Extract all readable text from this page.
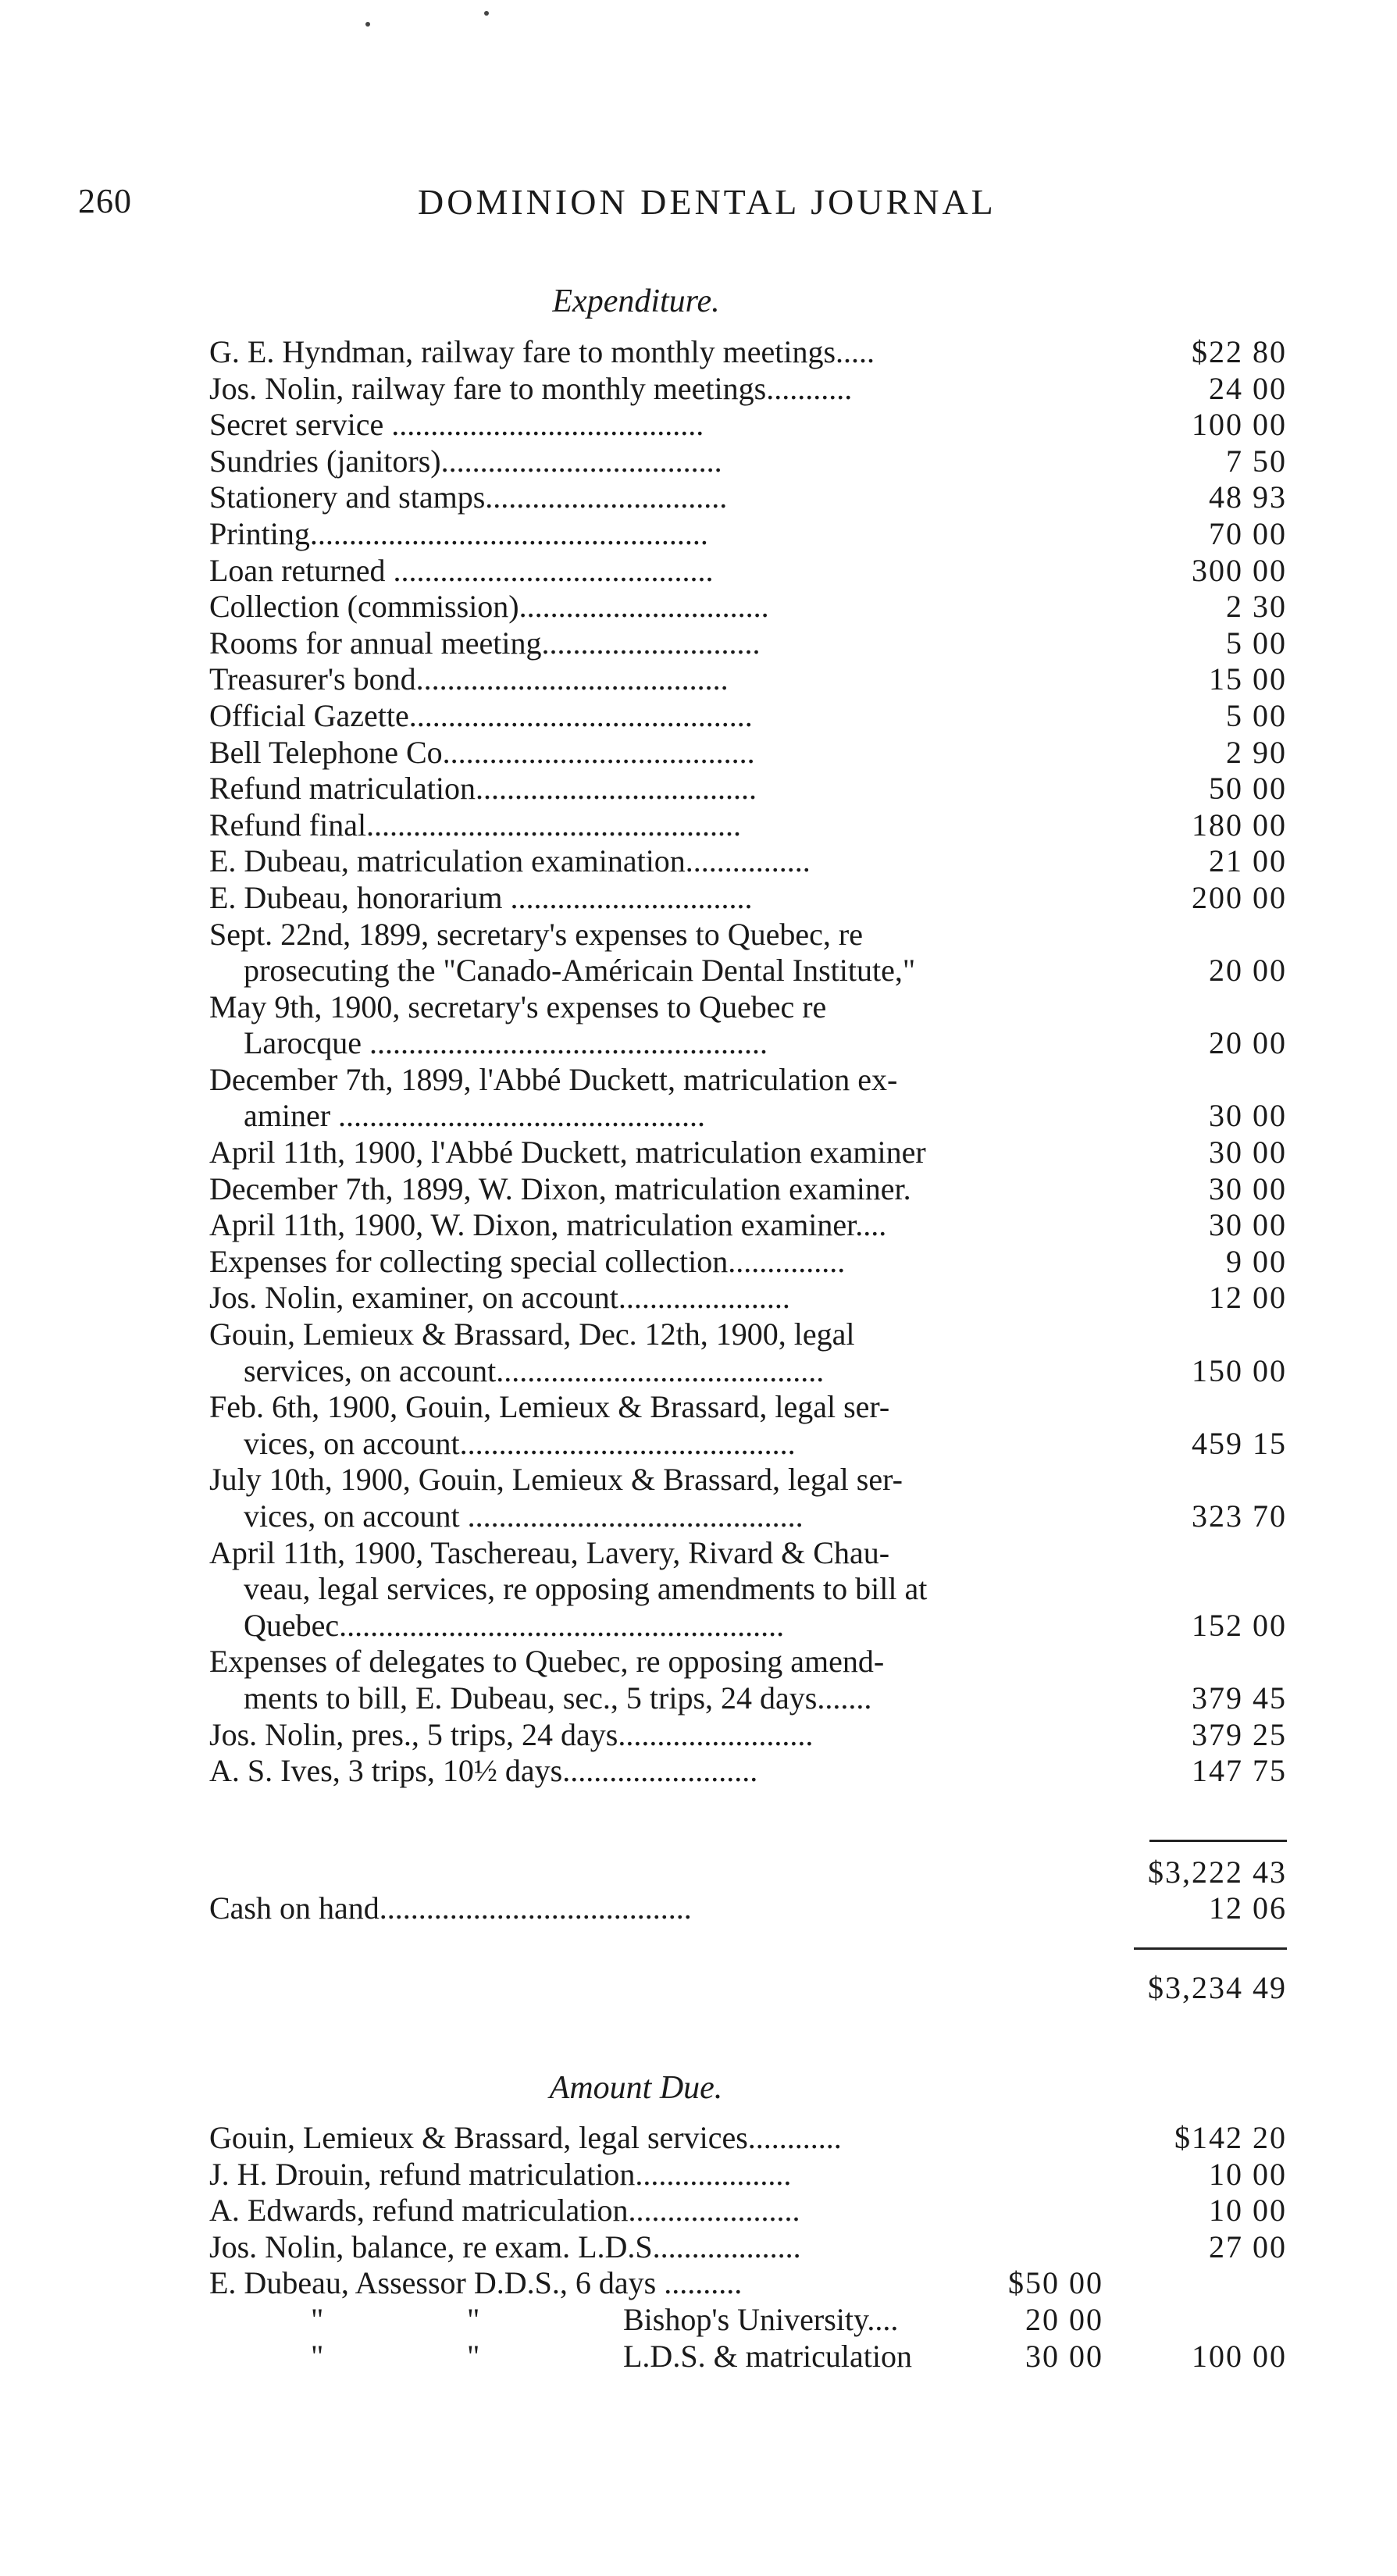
260	DOMINION DENTAL JOURNAL
Expenditure.
G. E. Hyndman, railway fare to monthly meetings.....	$22 80
Jos. Nolin, railway fare to monthly meetings...........	24 00
Secret service ........................................	100 00
Sundries (janitors)....................................	7 50
Stationery and stamps...............................	48 93
Printing...................................................	70 00
Loan returned .........................................	300 00
Collection (commission)................................	2 30
Rooms for annual meeting............................	5 00
Treasurer's bond........................................	15 00
Official Gazette............................................	5 00
Bell Telephone Co........................................	2 90
Refund matriculation....................................	50 00
Refund final................................................	180 00
E. Dubeau, matriculation examination................	21 00
E. Dubeau, honorarium ...............................	200 00
Sept. 22nd, 1899, secretary's expenses to Quebec, re
prosecuting the "Canado-Américain Dental Institute,"	20 00
May 9th, 1900, secretary's expenses to Quebec re
Larocque ...................................................	20 00
December 7th, 1899, l'Abbé Duckett, matriculation ex-
aminer ...............................................	30 00
April 11th, 1900, l'Abbé Duckett, matriculation examiner	30 00
December 7th, 1899, W. Dixon, matriculation examiner.	30 00
April 11th, 1900, W. Dixon, matriculation examiner....	30 00
Expenses for collecting special collection...............	9 00
Jos. Nolin, examiner, on account......................	12 00
Gouin, Lemieux & Brassard, Dec. 12th, 1900, legal
services, on account..........................................	150 00
Feb. 6th, 1900, Gouin, Lemieux & Brassard, legal ser-
vices, on account...........................................	459 15
July 10th, 1900, Gouin, Lemieux & Brassard, legal ser-
vices, on account ...........................................	323 70
April 11th, 1900, Taschereau, Lavery, Rivard & Chau-
veau, legal services, re opposing amendments to bill at
Quebec.........................................................	152 00
Expenses of delegates to Quebec, re opposing amend-
ments to bill, E. Dubeau, sec., 5 trips, 24 days.......	379 45
Jos. Nolin, pres., 5 trips, 24 days.........................	379 25
A. S. Ives, 3 trips, 10½ days.........................	147 75
$3,222 43
Cash on hand........................................	12 06
$3,234 49
Amount Due.
Gouin, Lemieux & Brassard, legal services............	$142 20
J. H. Drouin, refund matriculation....................	10 00
A. Edwards, refund matriculation......................	10 00
Jos. Nolin, balance, re exam. L.D.S...................	27 00
E. Dubeau, Assessor D.D.S., 6 days ..........	$50 00
"	"	Bishop's University....	20 00
"	"	L.D.S. & matriculation	30 00	100 00
